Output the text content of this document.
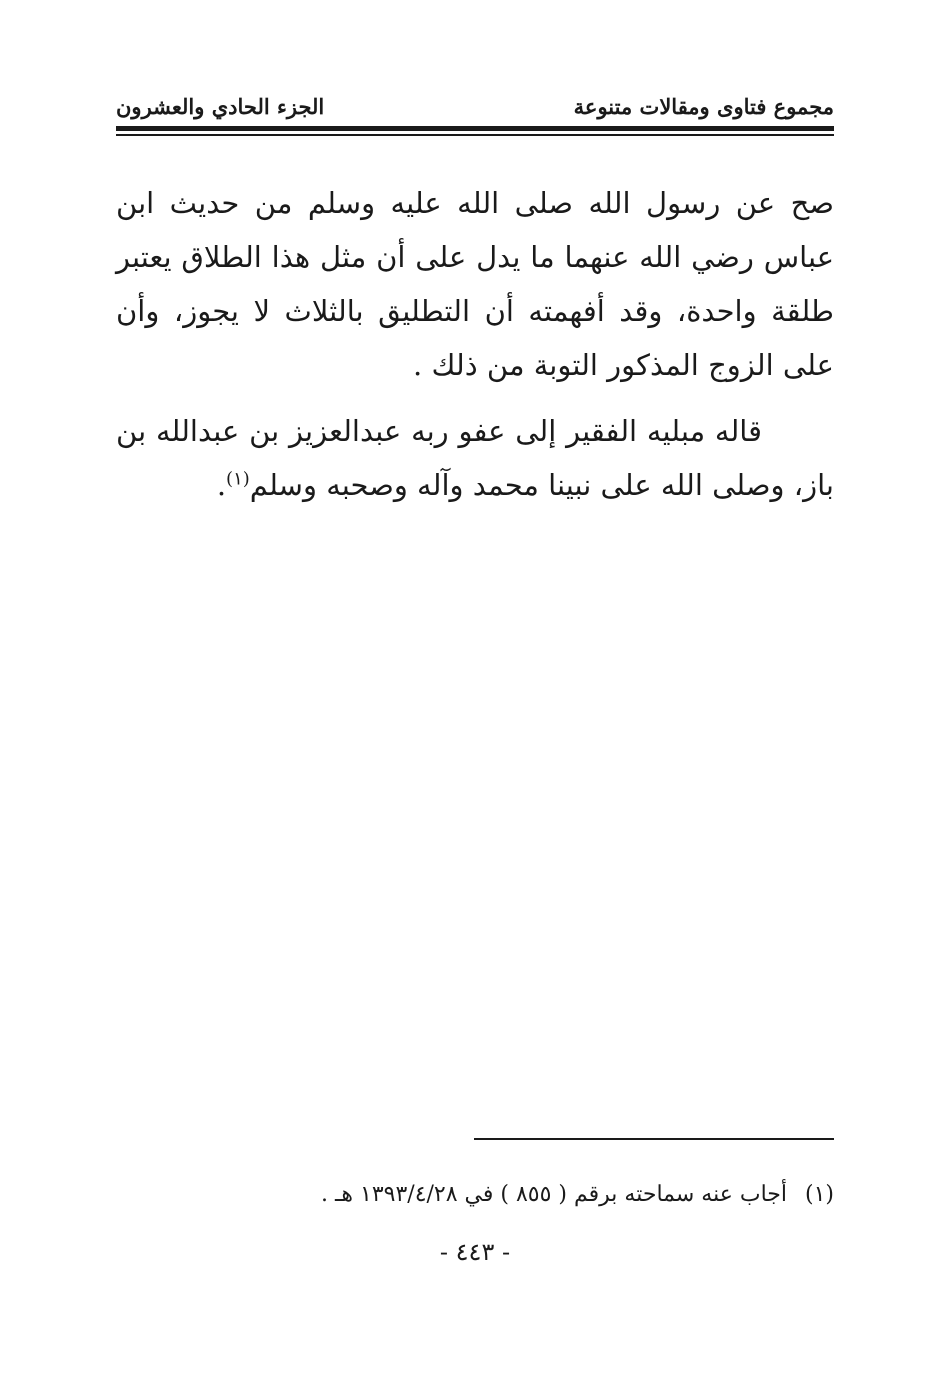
مجموع فتاوى ومقالات متنوعة
الجزء الحادي والعشرون

صح عن رسول الله صلى الله عليه وسلم من حديث ابن عباس رضي الله عنهما ما يدل على أن مثل هذا الطلاق يعتبر طلقة واحدة، وقد أفهمته أن التطليق بالثلاث لا يجوز، وأن على الزوج المذكور التوبة من ذلك .

قاله مبليه الفقير إلى عفو ربه عبدالعزيز بن عبدالله بن باز، وصلى الله على نبينا محمد وآله وصحبه وسلم$^{(١)}$.

(١)أجاب عنه سماحته برقم ( ٨٥٥ ) في ١٣٩٣/٤/٢٨ هـ .
- ٤٤٣ -
